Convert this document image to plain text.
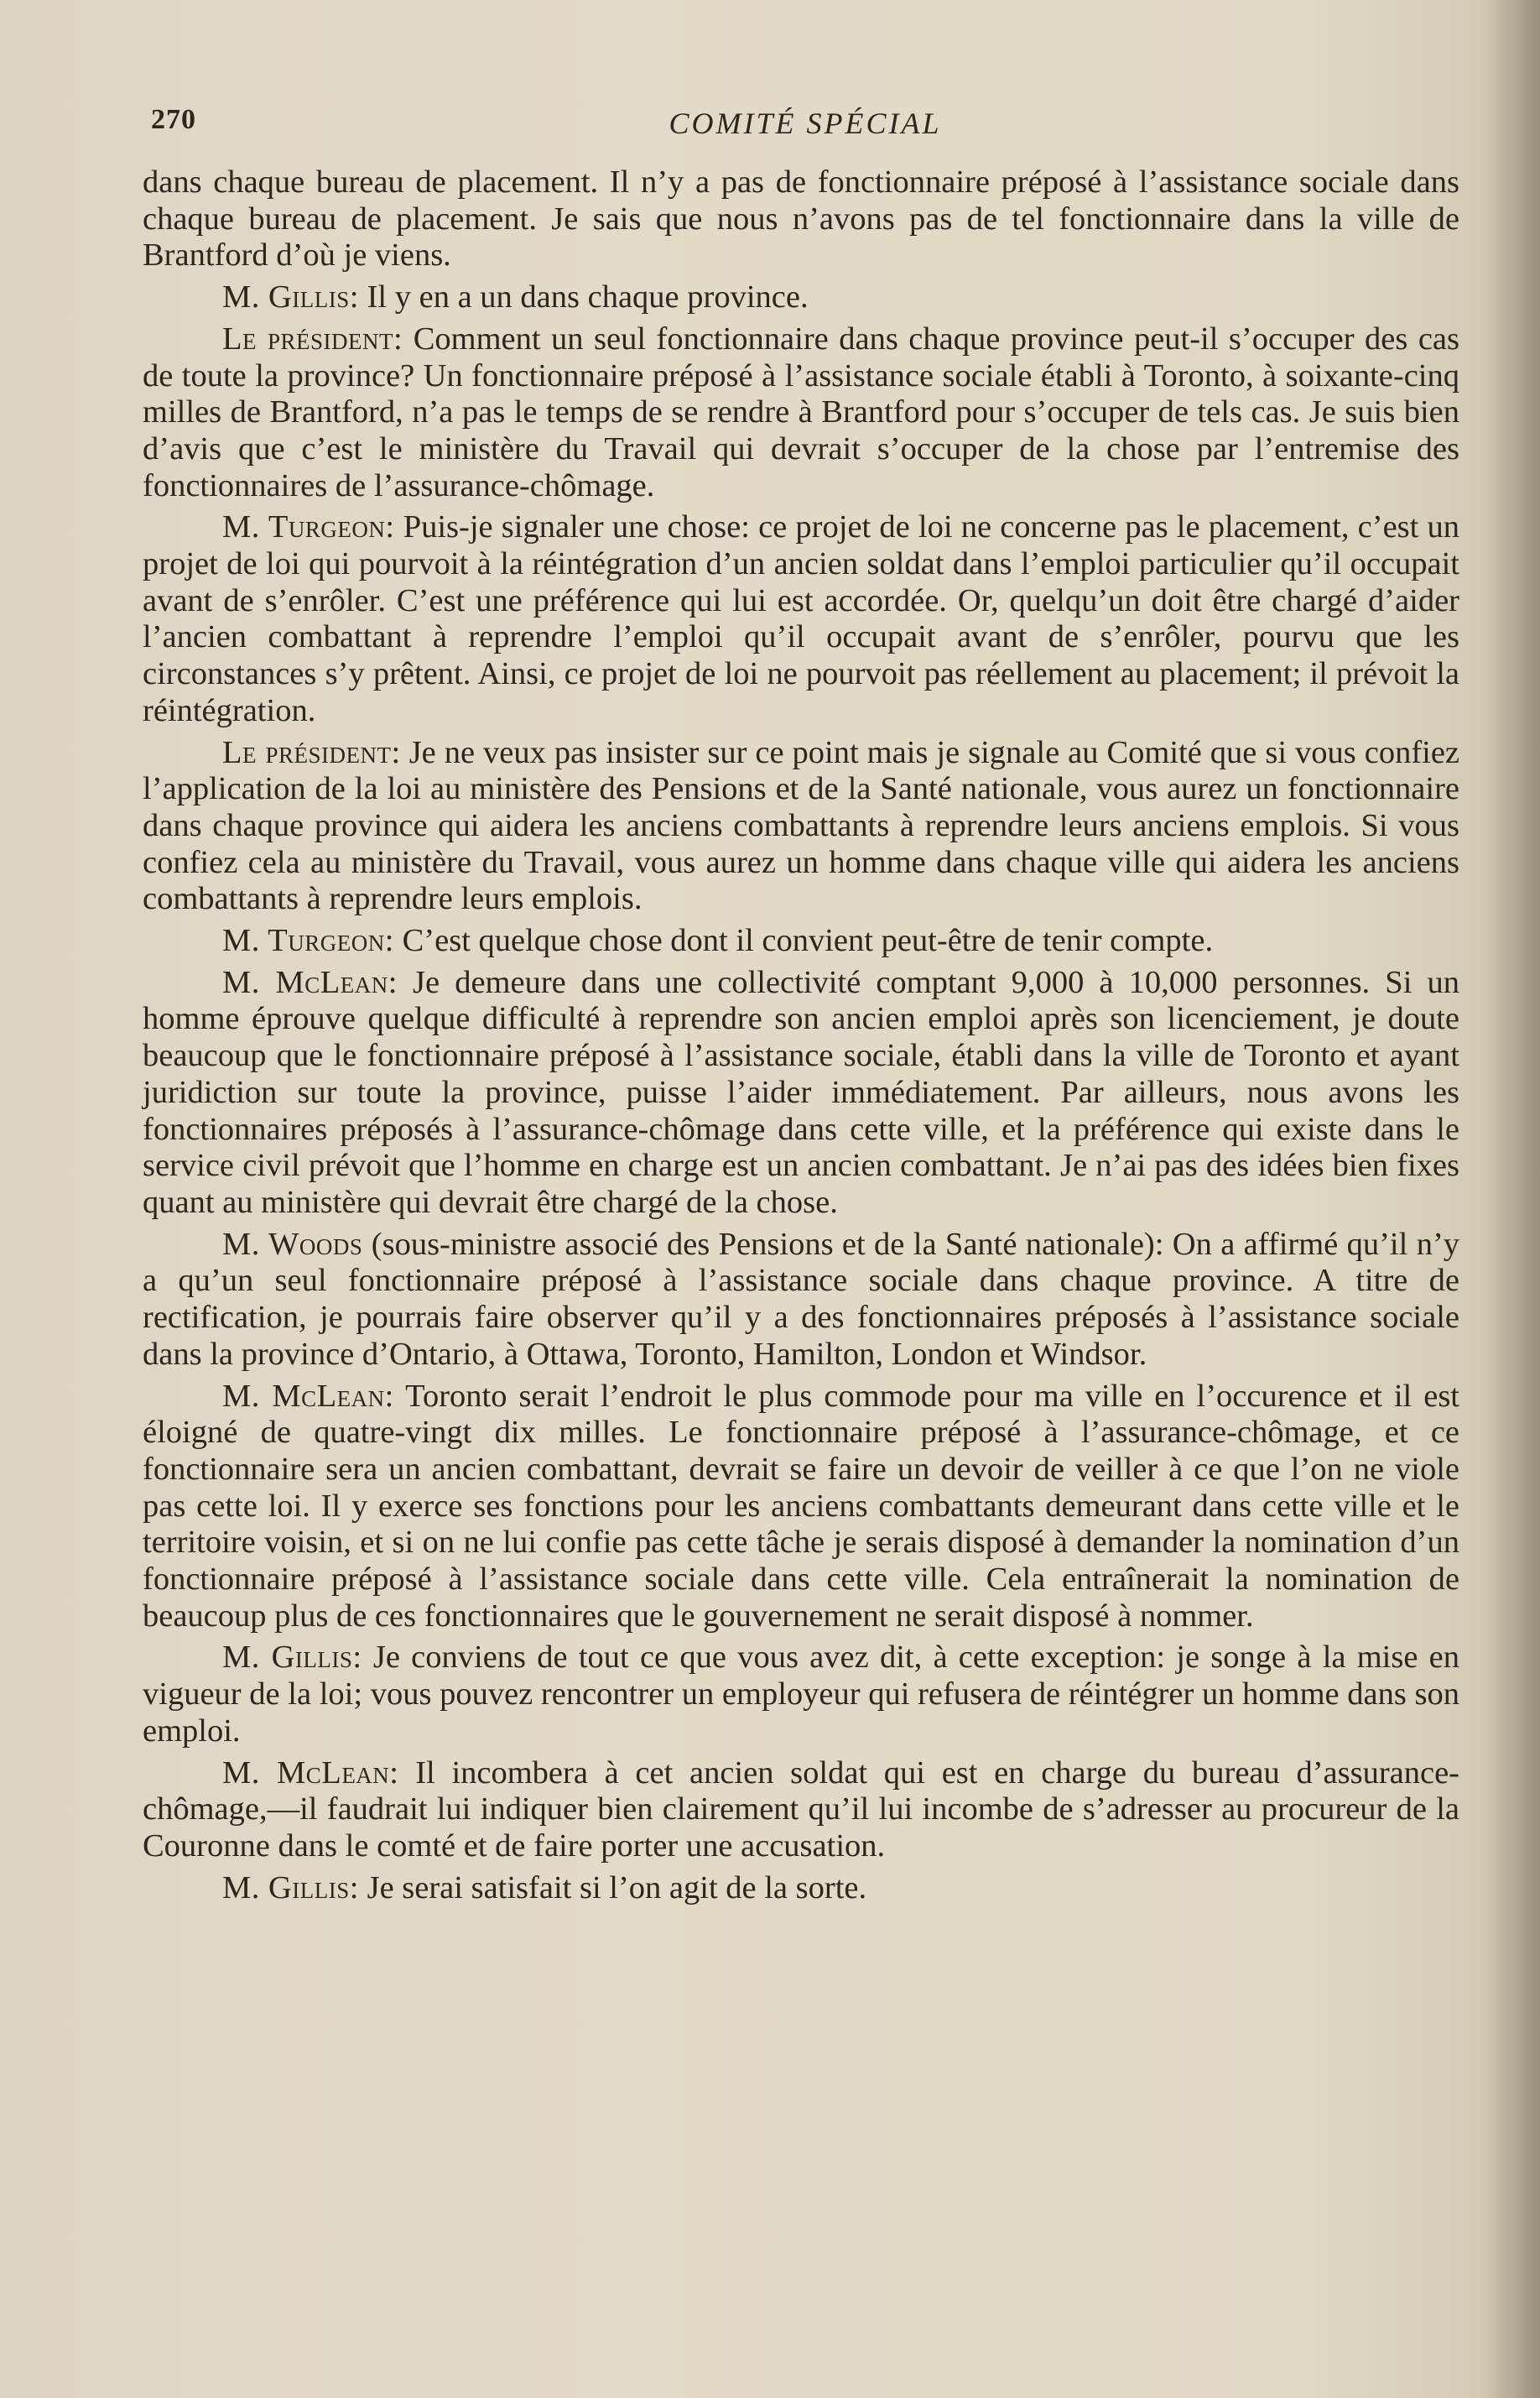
270	COMITÉ SPÉCIAL

dans chaque bureau de placement. Il n’y a pas de fonctionnaire préposé à l’assistance sociale dans chaque bureau de placement. Je sais que nous n’avons pas de tel fonctionnaire dans la ville de Brantford d’où je viens.

M. Gillis: Il y en a un dans chaque province.

Le président: Comment un seul fonctionnaire dans chaque province peut-il s’occuper des cas de toute la province? Un fonctionnaire préposé à l’assistance sociale établi à Toronto, à soixante-cinq milles de Brantford, n’a pas le temps de se rendre à Brantford pour s’occuper de tels cas. Je suis bien d’avis que c’est le ministère du Travail qui devrait s’occuper de la chose par l’entremise des fonctionnaires de l’assurance-chômage.

M. Turgeon: Puis-je signaler une chose: ce projet de loi ne concerne pas le placement, c’est un projet de loi qui pourvoit à la réintégration d’un ancien soldat dans l’emploi particulier qu’il occupait avant de s’enrôler. C’est une préférence qui lui est accordée. Or, quelqu’un doit être chargé d’aider l’ancien combattant à reprendre l’emploi qu’il occupait avant de s’enrôler, pourvu que les circonstances s’y prêtent. Ainsi, ce projet de loi ne pourvoit pas réellement au placement; il prévoit la réintégration.

Le président: Je ne veux pas insister sur ce point mais je signale au Comité que si vous confiez l’application de la loi au ministère des Pensions et de la Santé nationale, vous aurez un fonctionnaire dans chaque province qui aidera les anciens combattants à reprendre leurs anciens emplois. Si vous confiez cela au ministère du Travail, vous aurez un homme dans chaque ville qui aidera les anciens combattants à reprendre leurs emplois.

M. Turgeon: C’est quelque chose dont il convient peut-être de tenir compte.

M. McLean: Je demeure dans une collectivité comptant 9,000 à 10,000 personnes. Si un homme éprouve quelque difficulté à reprendre son ancien emploi après son licenciement, je doute beaucoup que le fonctionnaire préposé à l’assistance sociale, établi dans la ville de Toronto et ayant juridiction sur toute la province, puisse l’aider immédiatement. Par ailleurs, nous avons les fonctionnaires préposés à l’assurance-chômage dans cette ville, et la préférence qui existe dans le service civil prévoit que l’homme en charge est un ancien combattant. Je n’ai pas des idées bien fixes quant au ministère qui devrait être chargé de la chose.

M. Woods (sous-ministre associé des Pensions et de la Santé nationale): On a affirmé qu’il n’y a qu’un seul fonctionnaire préposé à l’assistance sociale dans chaque province. A titre de rectification, je pourrais faire observer qu’il y a des fonctionnaires préposés à l’assistance sociale dans la province d’Ontario, à Ottawa, Toronto, Hamilton, London et Windsor.

M. McLean: Toronto serait l’endroit le plus commode pour ma ville en l’occurence et il est éloigné de quatre-vingt dix milles. Le fonctionnaire préposé à l’assurance-chômage, et ce fonctionnaire sera un ancien combattant, devrait se faire un devoir de veiller à ce que l’on ne viole pas cette loi. Il y exerce ses fonctions pour les anciens combattants demeurant dans cette ville et le territoire voisin, et si on ne lui confie pas cette tâche je serais disposé à demander la nomination d’un fonctionnaire préposé à l’assistance sociale dans cette ville. Cela entraînerait la nomination de beaucoup plus de ces fonctionnaires que le gouvernement ne serait disposé à nommer.

M. Gillis: Je conviens de tout ce que vous avez dit, à cette exception: je songe à la mise en vigueur de la loi; vous pouvez rencontrer un employeur qui refusera de réintégrer un homme dans son emploi.

M. McLean: Il incombera à cet ancien soldat qui est en charge du bureau d’assurance-chômage,—il faudrait lui indiquer bien clairement qu’il lui incombe de s’adresser au procureur de la Couronne dans le comté et de faire porter une accusation.

M. Gillis: Je serai satisfait si l’on agit de la sorte.
